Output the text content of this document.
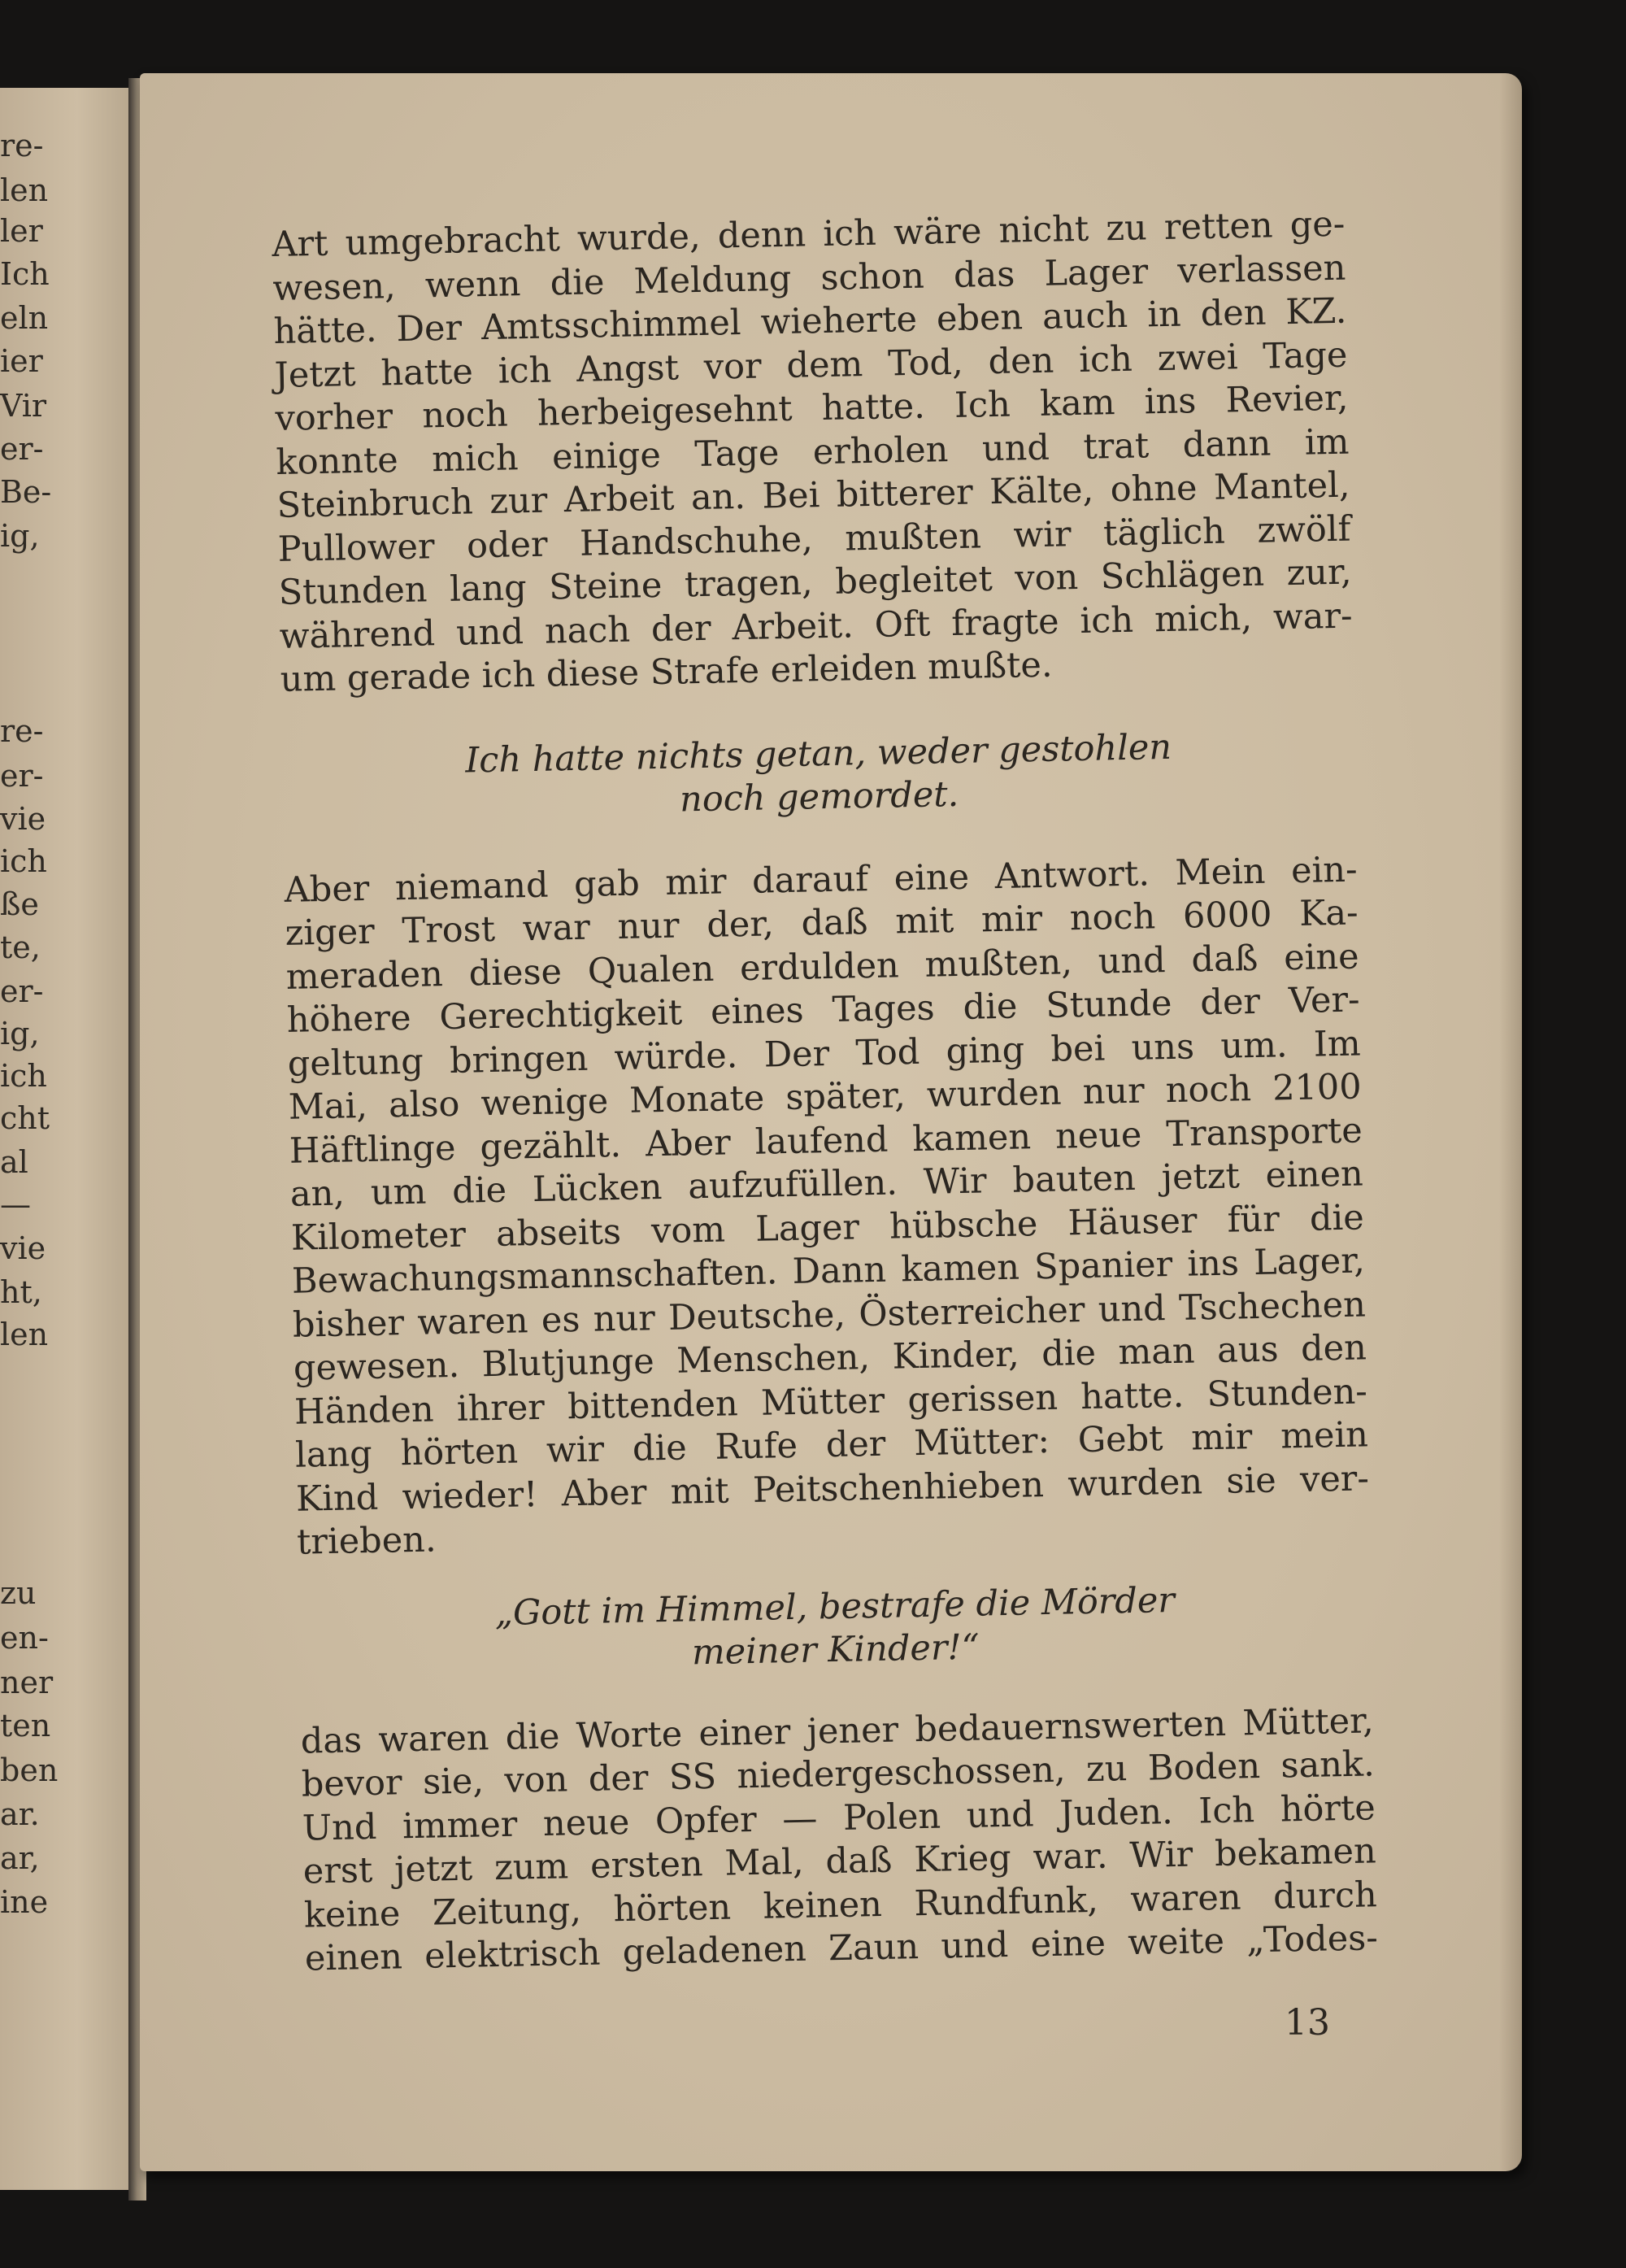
re-
len
ler
Ich
eln
ier
Vir
er-
Be-
ig,
re-
er-
vie
ich
ße
te,
er-
ig,
ich
cht
al
—
vie
ht,
len
zu
en-
ner
ten
ben
ar.
ar,
ine
Art umgebracht wurde, denn ich wäre nicht zu retten ge-
wesen, wenn die Meldung schon das Lager verlassen
hätte. Der Amtsschimmel wieherte eben auch in den KZ.
Jetzt hatte ich Angst vor dem Tod, den ich zwei Tage
vorher noch herbeigesehnt hatte. Ich kam ins Revier,
konnte mich einige Tage erholen und trat dann im
Steinbruch zur Arbeit an. Bei bitterer Kälte, ohne Mantel,
Pullower oder Handschuhe, mußten wir täglich zwölf
Stunden lang Steine tragen, begleitet von Schlägen zur,
während und nach der Arbeit. Oft fragte ich mich, war-
um gerade ich diese Strafe erleiden mußte.
Ich hatte nichts getan, weder gestohlen
noch gemordet.
Aber niemand gab mir darauf eine Antwort. Mein ein-
ziger Trost war nur der, daß mit mir noch 6000 Ka-
meraden diese Qualen erdulden mußten, und daß eine
höhere Gerechtigkeit eines Tages die Stunde der Ver-
geltung bringen würde. Der Tod ging bei uns um. Im
Mai, also wenige Monate später, wurden nur noch 2100
Häftlinge gezählt. Aber laufend kamen neue Transporte
an, um die Lücken aufzufüllen. Wir bauten jetzt einen
Kilometer abseits vom Lager hübsche Häuser für die
Bewachungsmannschaften. Dann kamen Spanier ins Lager,
bisher waren es nur Deutsche, Österreicher und Tschechen
gewesen. Blutjunge Menschen, Kinder, die man aus den
Händen ihrer bittenden Mütter gerissen hatte. Stunden-
lang hörten wir die Rufe der Mütter: Gebt mir mein
Kind wieder! Aber mit Peitschenhieben wurden sie ver-
trieben.
„Gott im Himmel, bestrafe die Mörder
meiner Kinder!“
das waren die Worte einer jener bedauernswerten Mütter,
bevor sie, von der SS niedergeschossen, zu Boden sank.
Und immer neue Opfer — Polen und Juden. Ich hörte
erst jetzt zum ersten Mal, daß Krieg war. Wir bekamen
keine Zeitung, hörten keinen Rundfunk, waren durch
einen elektrisch geladenen Zaun und eine weite „Todes-
13
